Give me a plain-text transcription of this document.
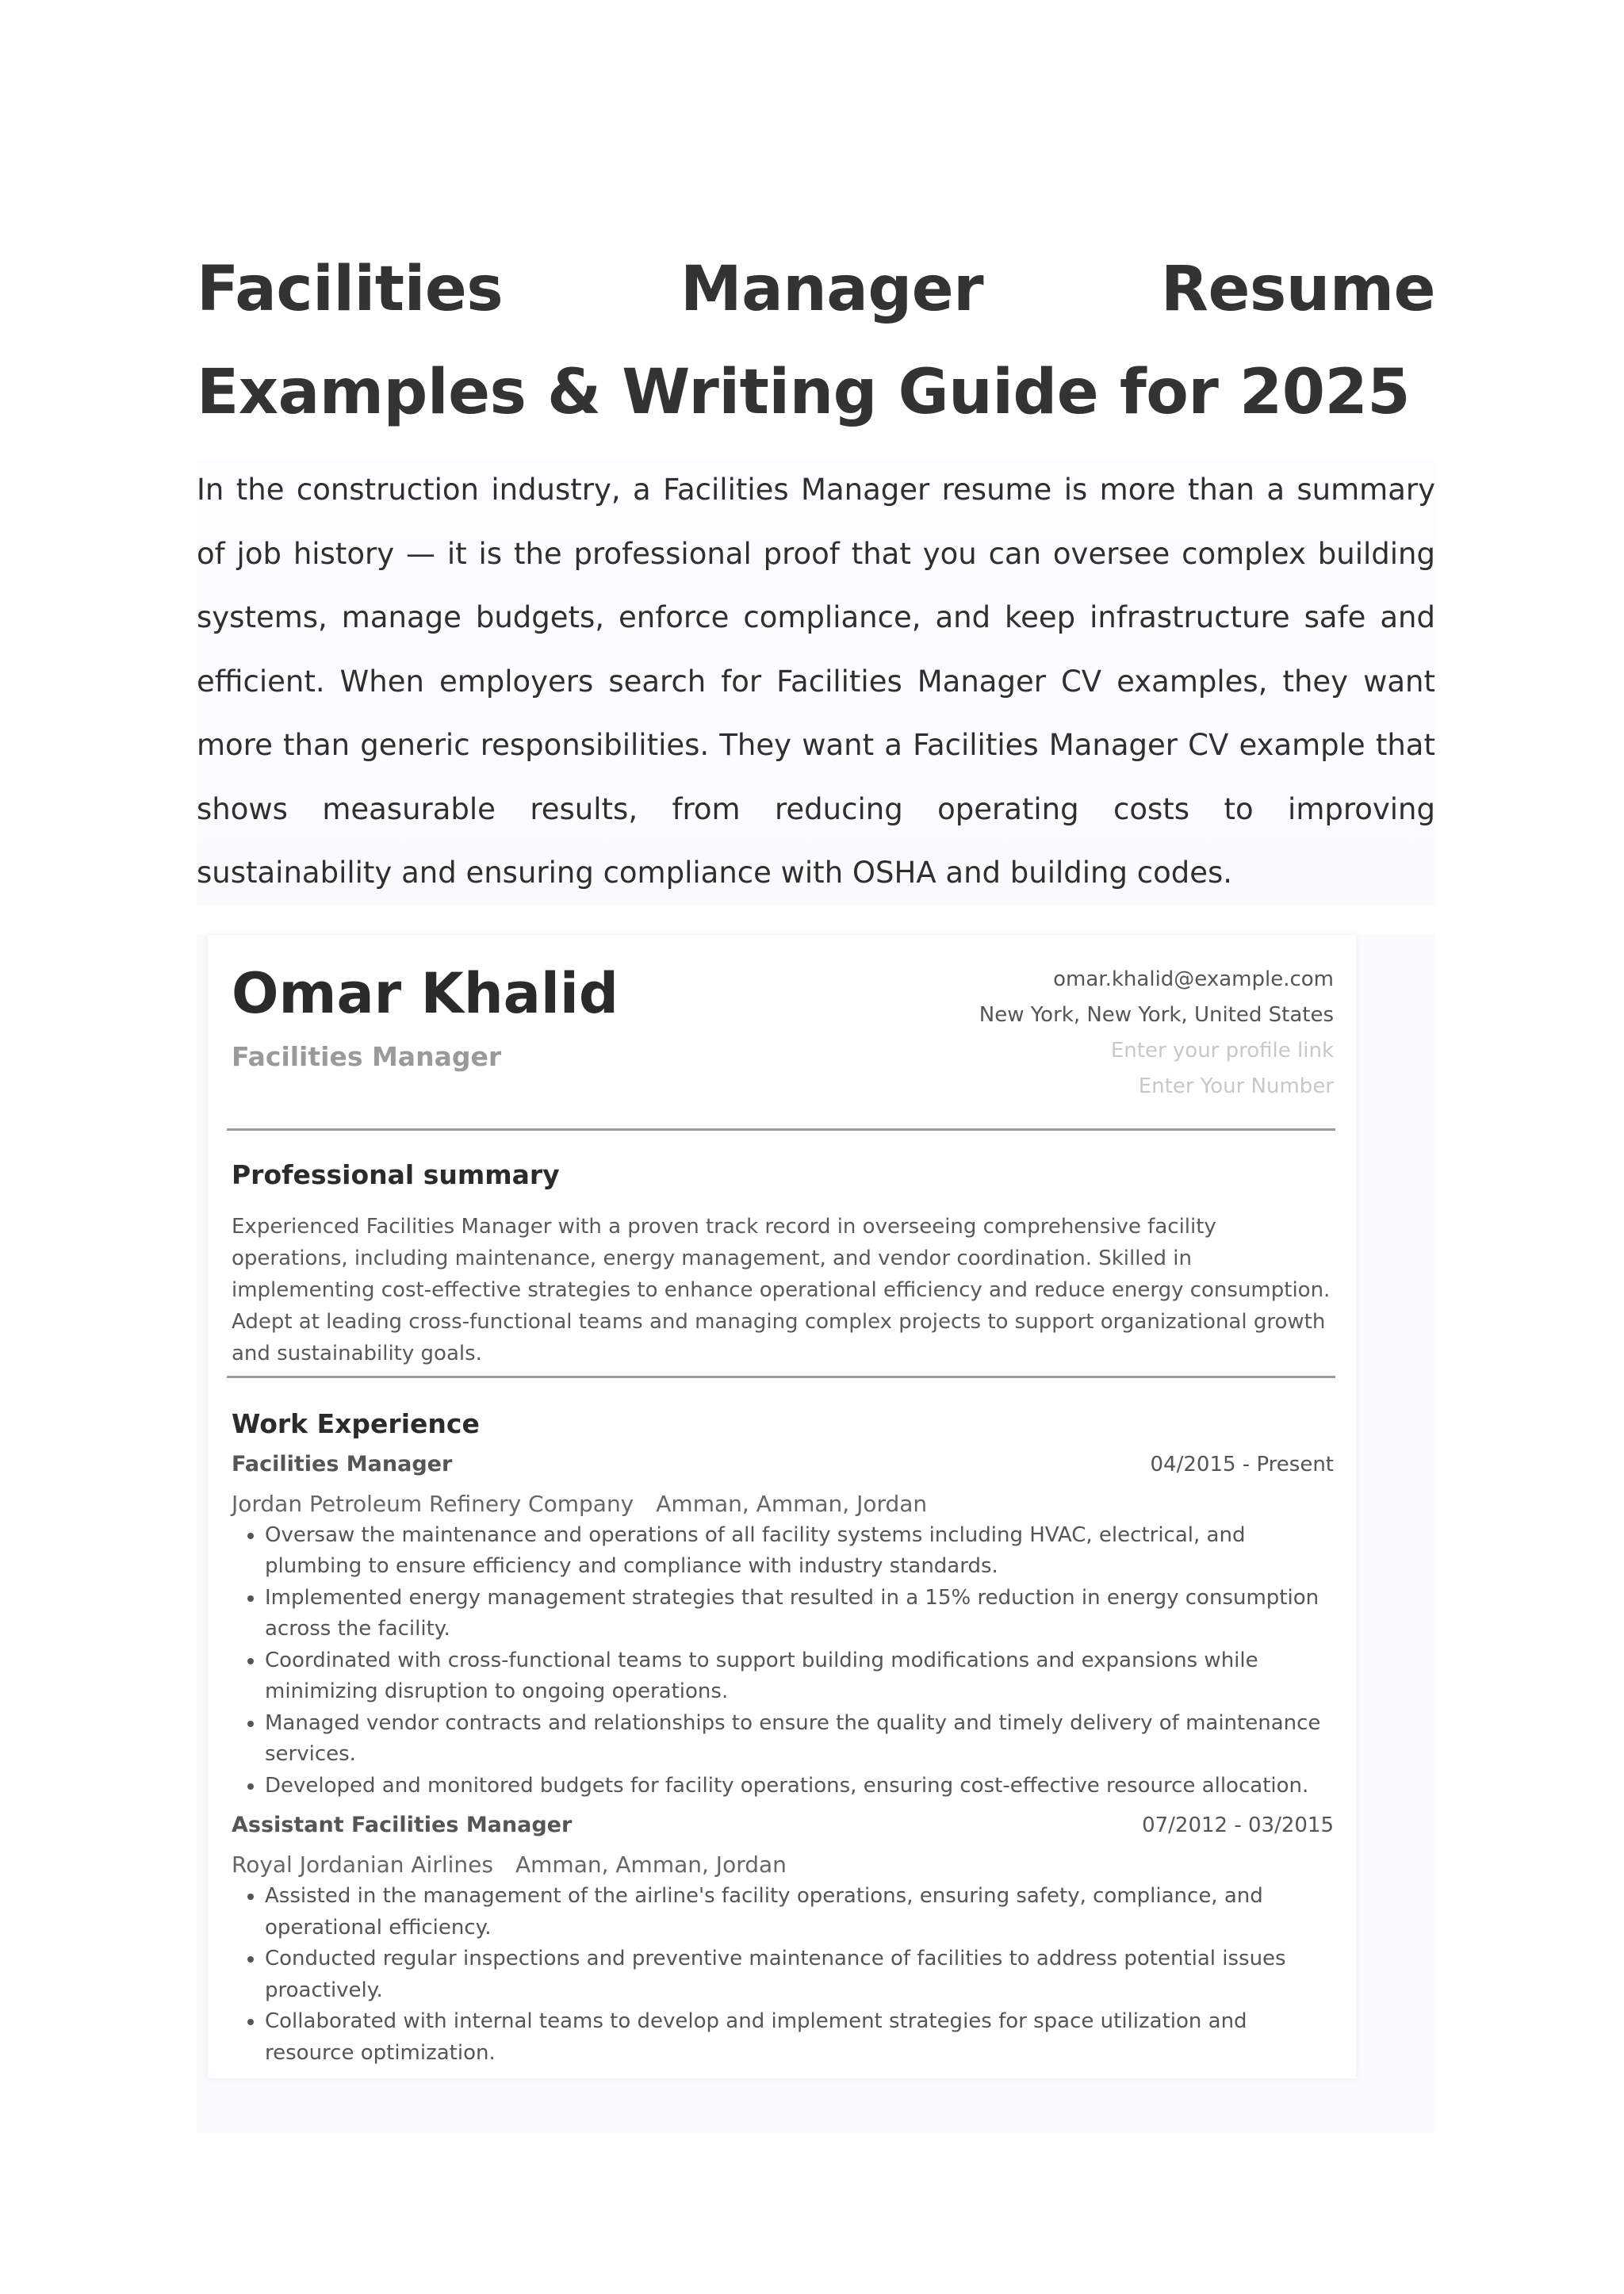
Facilities Manager Resume Examples & Writing Guide for 2025

In the construction industry, a Facilities Manager resume is more than a summary of job history — it is the professional proof that you can oversee complex building systems, manage budgets, enforce compliance, and keep infrastructure safe and efficient. When employers search for Facilities Manager CV examples, they want more than generic responsibilities. They want a Facilities Manager CV example that shows measurable results, from reducing operating costs to improving sustainability and ensuring compliance with OSHA and building codes.

Omar Khalid
Facilities Manager
omar.khalid@example.com
New York, New York, United States
Enter your profile link
Enter Your Number
Professional summary
Experienced Facilities Manager with a proven track record in overseeing comprehensive facility operations, including maintenance, energy management, and vendor coordination. Skilled in implementing cost-effective strategies to enhance operational efficiency and reduce energy consumption. Adept at leading cross-functional teams and managing complex projects to support organizational growth and sustainability goals.
Work Experience
Facilities Manager	04/2015 - Present
Jordan Petroleum Refinery Company Amman, Amman, Jordan
• Oversaw the maintenance and operations of all facility systems including HVAC, electrical, and plumbing to ensure efficiency and compliance with industry standards.
• Implemented energy management strategies that resulted in a 15% reduction in energy consumption across the facility.
• Coordinated with cross-functional teams to support building modifications and expansions while minimizing disruption to ongoing operations.
• Managed vendor contracts and relationships to ensure the quality and timely delivery of maintenance services.
• Developed and monitored budgets for facility operations, ensuring cost-effective resource allocation.
Assistant Facilities Manager	07/2012 - 03/2015
Royal Jordanian Airlines Amman, Amman, Jordan
• Assisted in the management of the airline's facility operations, ensuring safety, compliance, and operational efficiency.
• Conducted regular inspections and preventive maintenance of facilities to address potential issues proactively.
• Collaborated with internal teams to develop and implement strategies for space utilization and resource optimization.
